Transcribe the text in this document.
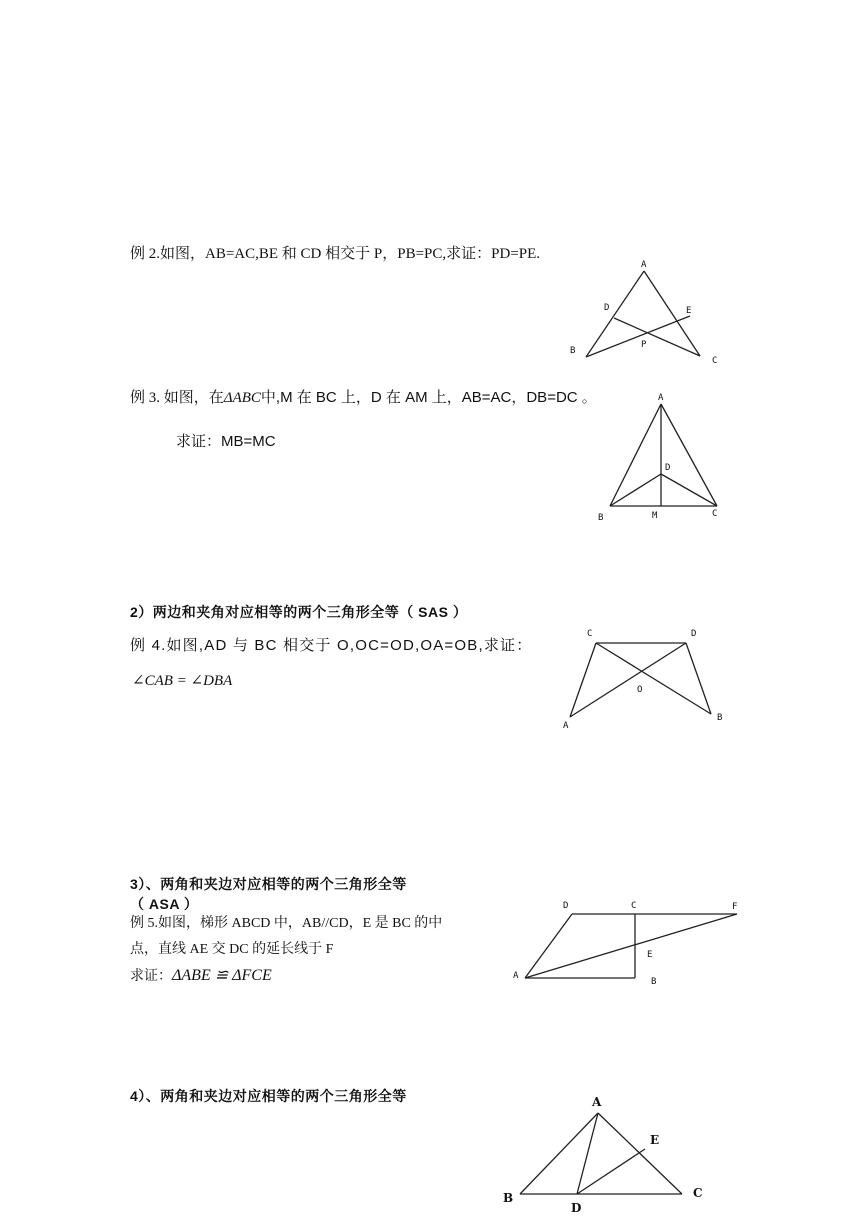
例 2.如图，AB=AC,BE 和 CD 相交于 P，PB=PC,求证：PD=PE.
A
B
C
D	E
P
例 3. 如图，在ΔABC中,M 在 BC 上，D 在 AM 上，AB=AC，DB=DC 。
求证：MB=MC
A
B	C
D
M
2）两边和夹角对应相等的两个三角形全等（ SAS ）
例 4.如图,AD 与 BC 相交于 O,OC=OD,OA=OB,求证：
∠CAB = ∠DBA
C	D
A
B
O
3）、两角和夹边对应相等的两个三角形全等
（ ASA ）
例 5.如图，梯形 ABCD 中，AB//CD，E 是 BC 的中
点，直线 AE 交 DC 的延长线于 F
求证：ΔABE ≌ ΔFCE
D	C	F
A
B
E
4）、两角和夹边对应相等的两个三角形全等	A
B	C
D
E
